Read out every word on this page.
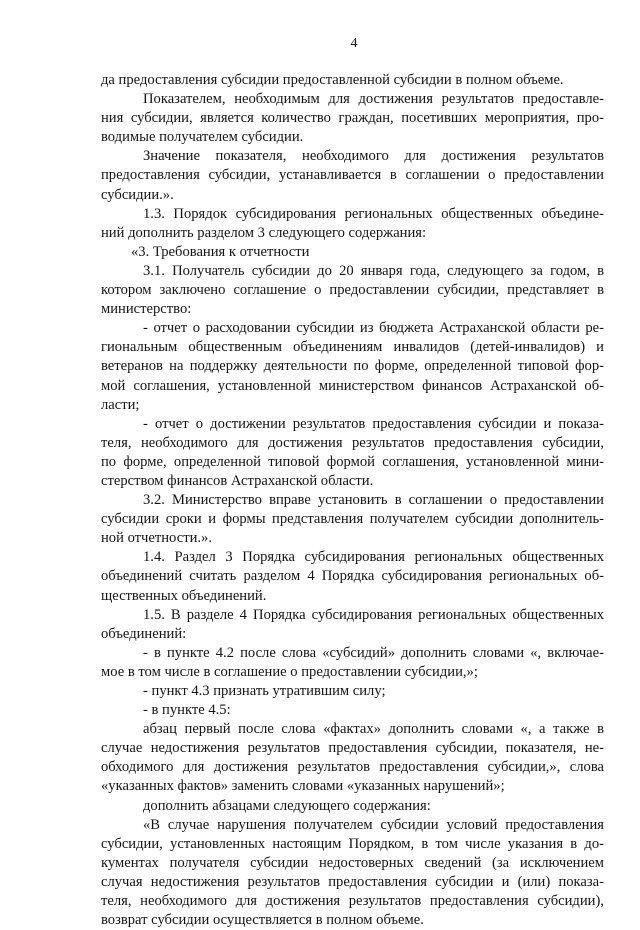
4
да предоставления субсидии предоставленной субсидии в полном объеме.
Показателем, необходимым для достижения результатов предоставле-
ния субсидии, является количество граждан, посетивших мероприятия, про-
водимые получателем субсидии.
Значение показателя, необходимого для достижения результатов
предоставления субсидии, устанавливается в соглашении о предоставлении
субсидии.».
1.3. Порядок субсидирования региональных общественных объедине-
ний дополнить разделом 3 следующего содержания:
«3. Требования к отчетности
3.1. Получатель субсидии до 20 января года, следующего за годом, в
котором заключено соглашение о предоставлении субсидии, представляет в
министерство:
- отчет о расходовании субсидии из бюджета Астраханской области ре-
гиональным общественным объединениям инвалидов (детей-инвалидов) и
ветеранов на поддержку деятельности по форме, определенной типовой фор-
мой соглашения, установленной министерством финансов Астраханской об-
ласти;
- отчет о достижении результатов предоставления субсидии и показа-
теля, необходимого для достижения результатов предоставления субсидии,
по форме, определенной типовой формой соглашения, установленной мини-
стерством финансов Астраханской области.
3.2. Министерство вправе установить в соглашении о предоставлении
субсидии сроки и формы представления получателем субсидии дополнитель-
ной отчетности.».
1.4. Раздел 3 Порядка субсидирования региональных общественных
объединений считать разделом 4 Порядка субсидирования региональных об-
щественных объединений.
1.5. В разделе 4 Порядка субсидирования региональных общественных
объединений:
- в пункте 4.2 после слова «субсидий» дополнить словами «, включае-
мое в том числе в соглашение о предоставлении субсидии,»;
- пункт 4.3 признать утратившим силу;
- в пункте 4.5:
абзац первый после слова «фактах» дополнить словами «, а также в
случае недостижения результатов предоставления субсидии, показателя, не-
обходимого для достижения результатов предоставления субсидии,», слова
«указанных фактов» заменить словами «указанных нарушений»;
дополнить абзацами следующего содержания:
«В случае нарушения получателем субсидии условий предоставления
субсидии, установленных настоящим Порядком, в том числе указания в до-
кументах получателя субсидии недостоверных сведений (за исключением
случая недостижения результатов предоставления субсидии и (или) показа-
теля, необходимого для достижения результатов предоставления субсидии),
возврат субсидии осуществляется в полном объеме.
